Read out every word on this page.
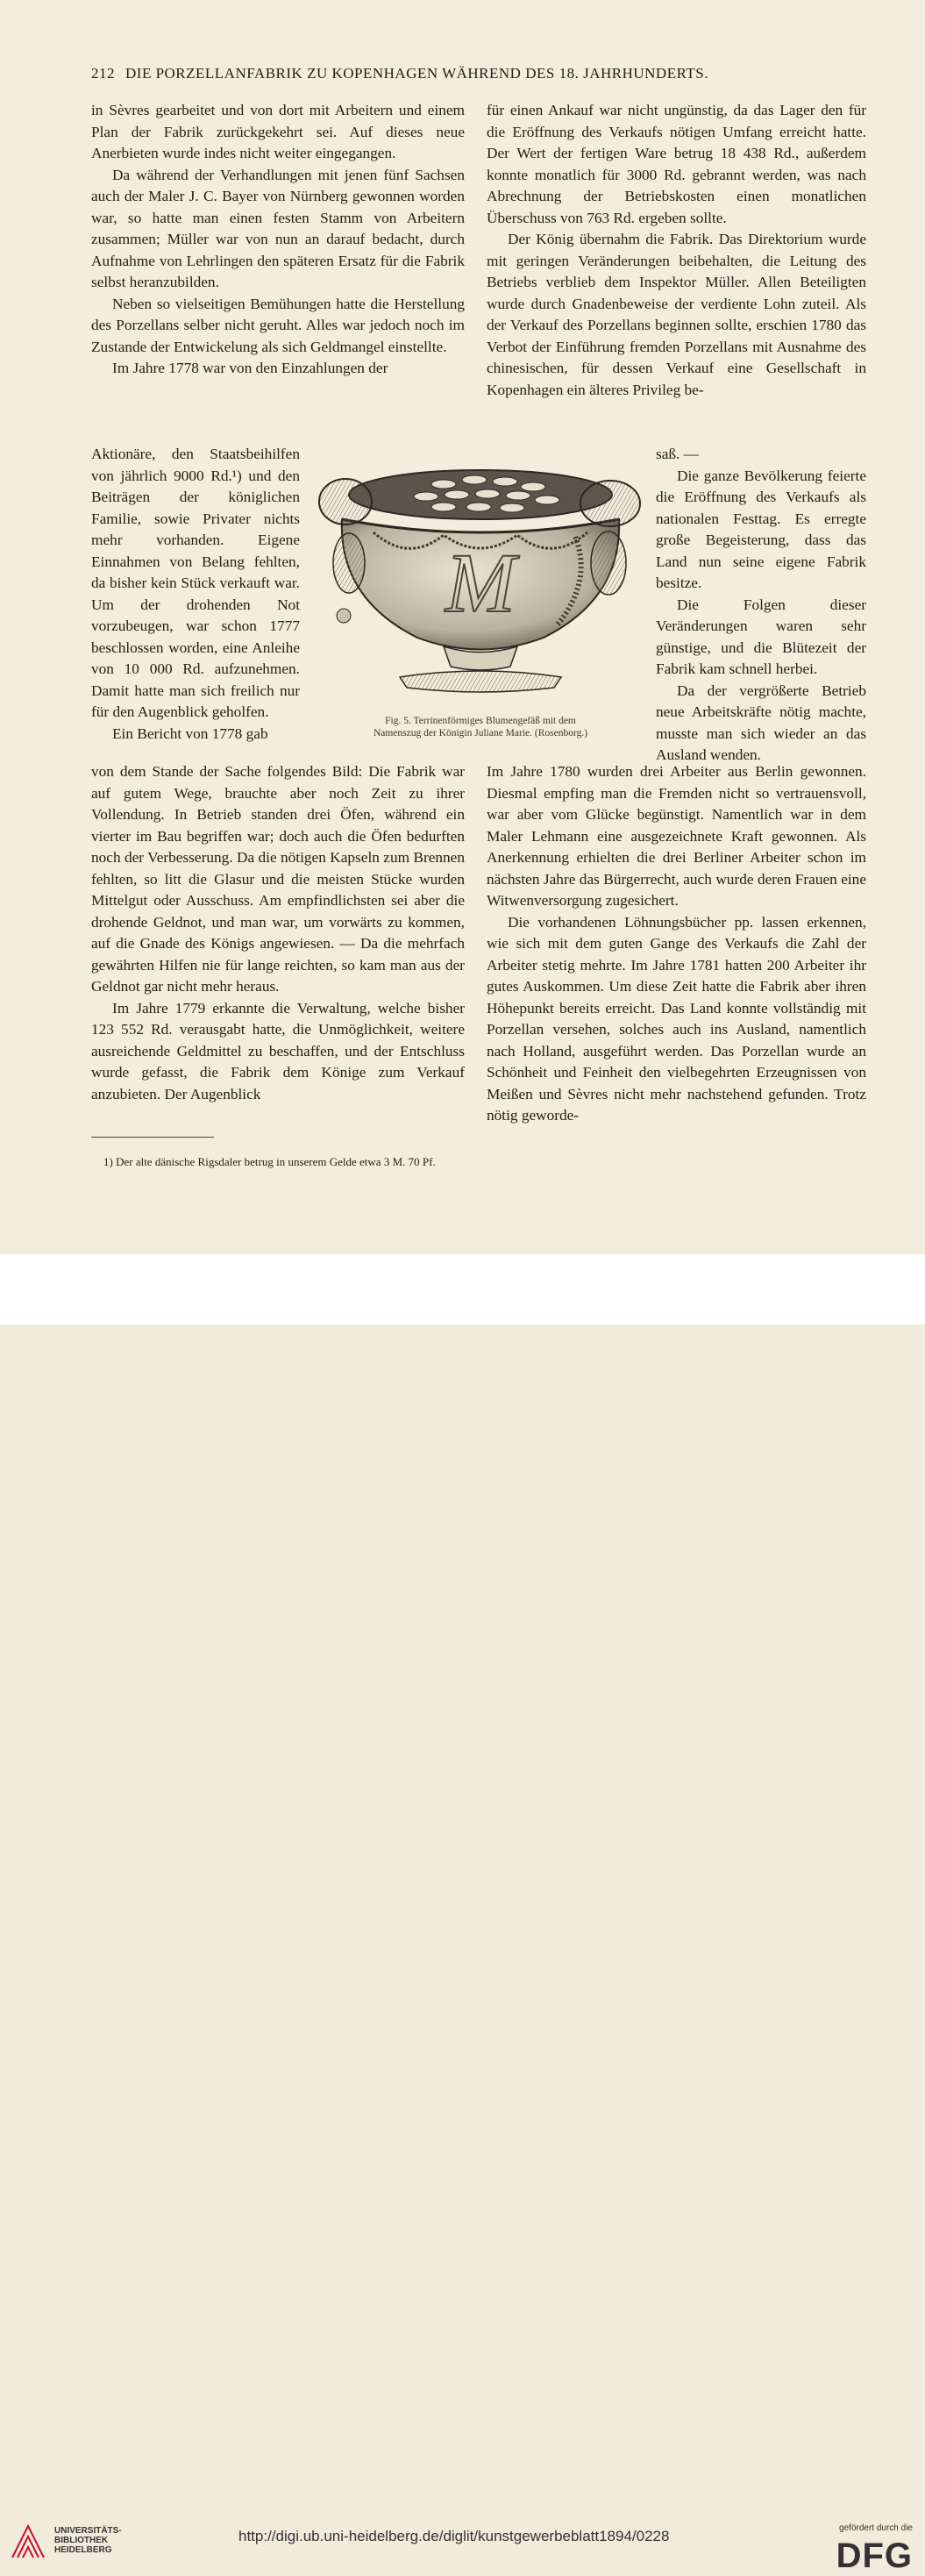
212 DIE PORZELLANFABRIK ZU KOPENHAGEN WÄHREND DES 18. JAHRHUNDERTS.

in Sèvres gearbeitet und von dort mit Arbeitern und einem Plan der Fabrik zurückgekehrt sei. Auf dieses neue Anerbieten wurde indes nicht weiter eingegangen.

Da während der Verhandlungen mit jenen fünf Sachsen auch der Maler J. C. Bayer von Nürnberg gewonnen worden war, so hatte man einen festen Stamm von Arbeitern zusammen; Müller war von nun an darauf bedacht, durch Aufnahme von Lehrlingen den späteren Ersatz für die Fabrik selbst heranzubilden.

Neben so vielseitigen Bemühungen hatte die Herstellung des Porzellans selber nicht geruht. Alles war jedoch noch im Zustande der Entwickelung als sich Geldmangel einstellte.

Im Jahre 1778 war von den Einzahlungen der

Aktionäre, den Staatsbeihilfen von jährlich 9000 Rd.¹) und den Beiträgen der königlichen Familie, sowie Privater nichts mehr vorhanden. Eigene Einnahmen von Belang fehlten, da bisher kein Stück verkauft war. Um der drohenden Not vorzubeugen, war schon 1777 beschlossen worden, eine Anleihe von 10 000 Rd. aufzunehmen. Damit hatte man sich freilich nur für den Augenblick geholfen.

Ein Bericht von 1778 gab

von dem Stande der Sache folgendes Bild: Die Fabrik war auf gutem Wege, brauchte aber noch Zeit zu ihrer Vollendung. In Betrieb standen drei Öfen, während ein vierter im Bau begriffen war; doch auch die Öfen bedurften noch der Verbesserung. Da die nötigen Kapseln zum Brennen fehlten, so litt die Glasur und die meisten Stücke wurden Mittelgut oder Ausschuss. Am empfindlichsten sei aber die drohende Geldnot, und man war, um vorwärts zu kommen, auf die Gnade des Königs angewiesen. — Da die mehrfach gewährten Hilfen nie für lange reichten, so kam man aus der Geldnot gar nicht mehr heraus.

Im Jahre 1779 erkannte die Verwaltung, welche bisher 123 552 Rd. verausgabt hatte, die Unmöglichkeit, weitere ausreichende Geldmittel zu beschaffen, und der Entschluss wurde gefasst, die Fabrik dem Könige zum Verkauf anzubieten. Der Augenblick

für einen Ankauf war nicht ungünstig, da das Lager den für die Eröffnung des Verkaufs nötigen Umfang erreicht hatte. Der Wert der fertigen Ware betrug 18 438 Rd., außerdem konnte monatlich für 3000 Rd. gebrannt werden, was nach Abrechnung der Betriebskosten einen monatlichen Überschuss von 763 Rd. ergeben sollte.

Der König übernahm die Fabrik. Das Direktorium wurde mit geringen Veränderungen beibehalten, die Leitung des Betriebs verblieb dem Inspektor Müller. Allen Beteiligten wurde durch Gnadenbeweise der verdiente Lohn zuteil. Als der Verkauf des Porzellans beginnen sollte, erschien 1780 das Verbot der Einführung fremden Porzellans mit Ausnahme des chinesischen, für dessen Verkauf eine Gesellschaft in Kopenhagen ein älteres Privileg be-

saß. —

Die ganze Bevölkerung feierte die Eröffnung des Verkaufs als nationalen Festtag. Es erregte große Begeisterung, dass das Land nun seine eigene Fabrik besitze.

Die Folgen dieser Veränderungen waren sehr günstige, und die Blütezeit der Fabrik kam schnell herbei.

Da der vergrößerte Betrieb neue Arbeitskräfte nötig machte, musste man sich wieder an das Ausland wenden.

Im Jahre 1780 wurden drei Arbeiter aus Berlin gewonnen. Diesmal empfing man die Fremden nicht so vertrauensvoll, war aber vom Glücke begünstigt. Namentlich war in dem Maler Lehmann eine ausgezeichnete Kraft gewonnen. Als Anerkennung erhielten die drei Berliner Arbeiter schon im nächsten Jahre das Bürgerrecht, auch wurde deren Frauen eine Witwenversorgung zugesichert.

Die vorhandenen Löhnungsbücher pp. lassen erkennen, wie sich mit dem guten Gange des Verkaufs die Zahl der Arbeiter stetig mehrte. Im Jahre 1781 hatten 200 Arbeiter ihr gutes Auskommen. Um diese Zeit hatte die Fabrik aber ihren Höhepunkt bereits erreicht. Das Land konnte vollständig mit Porzellan versehen, solches auch ins Ausland, namentlich nach Holland, ausgeführt werden. Das Porzellan wurde an Schönheit und Feinheit den vielbegehrten Erzeugnissen von Meißen und Sèvres nicht mehr nachstehend gefunden. Trotz nötig geworde-

M
Fig. 5. Terrinenförmiges Blumengefäß mit dem
Namenszug der Königin Juliane Marie. (Rosenborg.)

1) Der alte dänische Rigsdaler betrug in unserem Gelde etwa 3 M. 70 Pf.

UNIVERSITÄTS-
BIBLIOTHEK
HEIDELBERG
http://digi.ub.uni-heidelberg.de/diglit/kunstgewerbeblatt1894/0228	gefördert durch die
DFG
